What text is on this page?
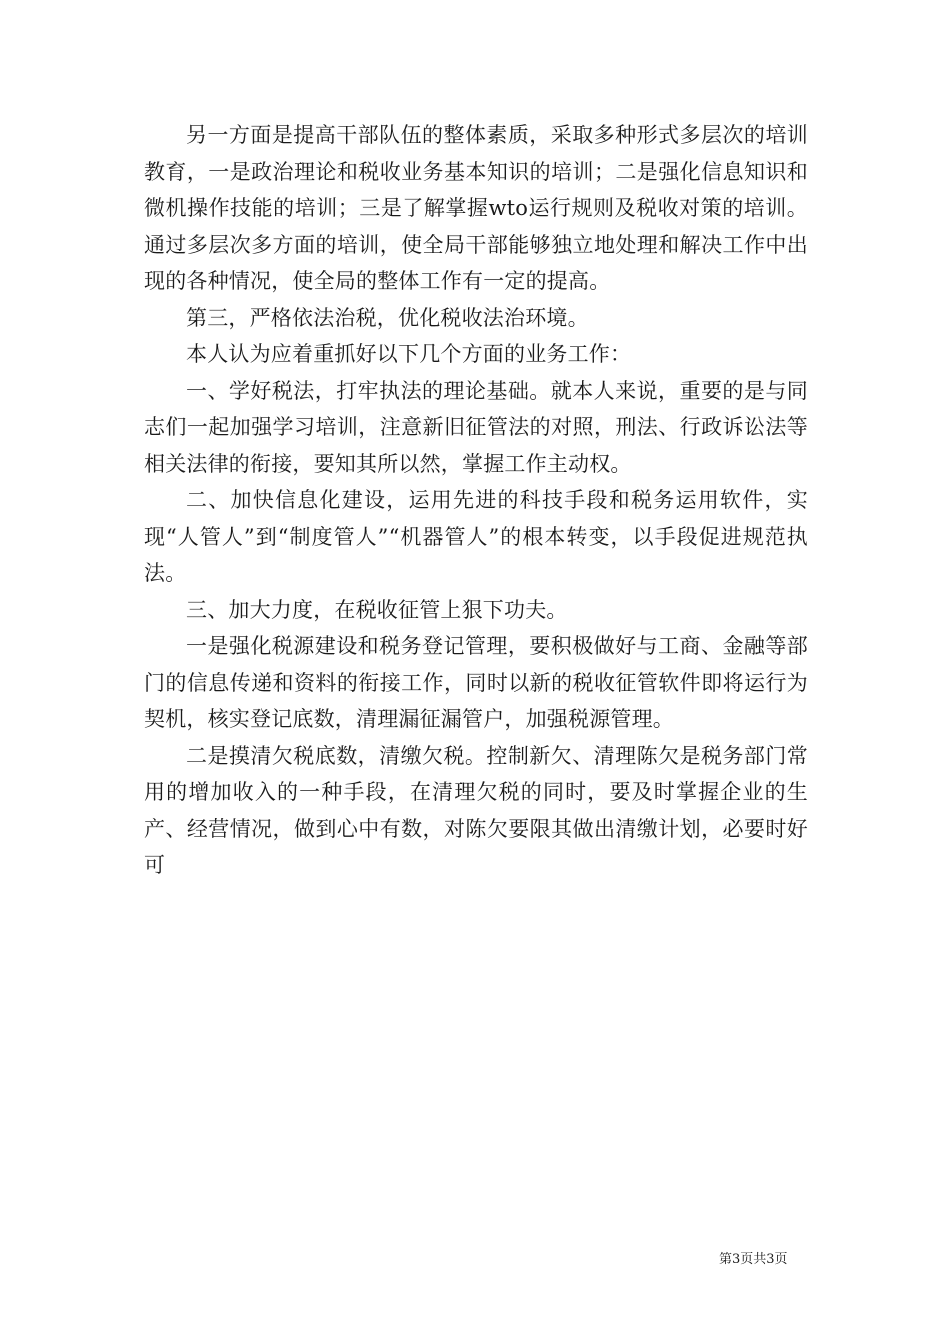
另一方面是提高干部队伍的整体素质，采取多种形式多层次的培训教育，一是政治理论和税收业务基本知识的培训；二是强化信息知识和微机操作技能的培训；三是了解掌握wto运行规则及税收对策的培训。通过多层次多方面的培训，使全局干部能够独立地处理和解决工作中出现的各种情况，使全局的整体工作有一定的提高。

第三，严格依法治税，优化税收法治环境。

本人认为应着重抓好以下几个方面的业务工作：

一、学好税法，打牢执法的理论基础。就本人来说，重要的是与同志们一起加强学习培训，注意新旧征管法的对照，刑法、行政诉讼法等相关法律的衔接，要知其所以然，掌握工作主动权。

二、加快信息化建设，运用先进的科技手段和税务运用软件，实现“人管人”到“制度管人”“机器管人”的根本转变，以手段促进规范执法。

三、加大力度，在税收征管上狠下功夫。

一是强化税源建设和税务登记管理，要积极做好与工商、金融等部门的信息传递和资料的衔接工作，同时以新的税收征管软件即将运行为契机，核实登记底数，清理漏征漏管户，加强税源管理。

二是摸清欠税底数，清缴欠税。控制新欠、清理陈欠是税务部门常用的增加收入的一种手段，在清理欠税的同时，要及时掌握企业的生产、经营情况，做到心中有数，对陈欠要限其做出清缴计划，必要时好可

第3页共3页
